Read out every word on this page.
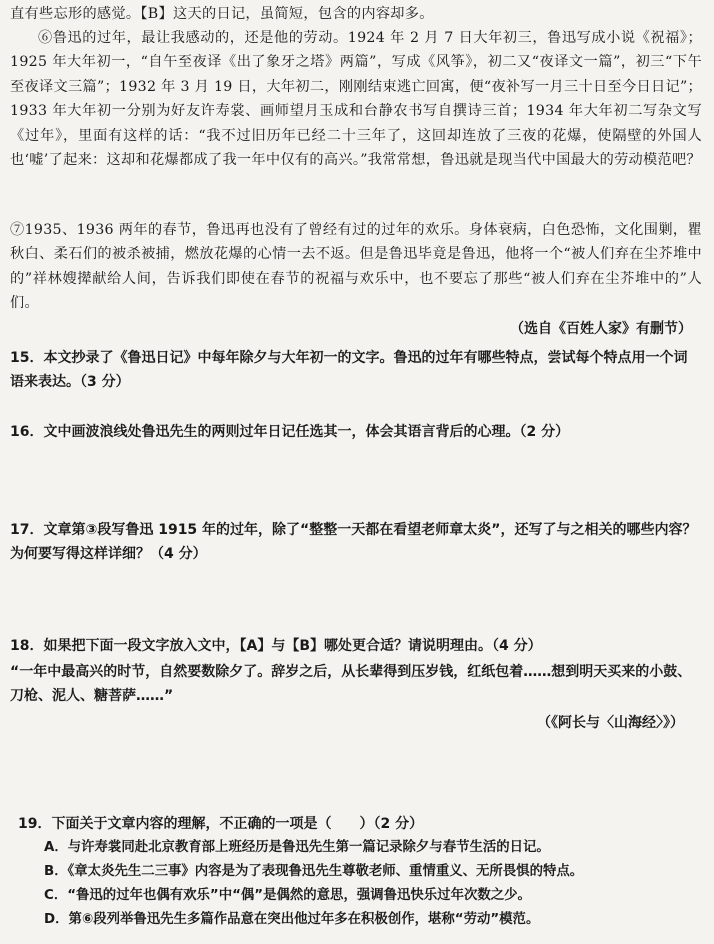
直有些忘形的感觉。【B】这天的日记，虽简短，包含的内容却多。
⑥鲁迅的过年，最让我感动的，还是他的劳动。1924 年 2 月 7 日大年初三，鲁迅写成小说《祝福》；1925 年大年初一，“自午至夜译《出了象牙之塔》两篇”，写成《风筝》，初二又“夜译文一篇”，初三“下午至夜译文三篇”；1932 年 3 月 19 日，大年初二，刚刚结束逃亡回寓，便“夜补写一月三十日至今日日记”；1933 年大年初一分别为好友许寿裳、画师望月玉成和台静农书写自撰诗三首；1934 年大年初二写杂文写《过年》，里面有这样的话：“我不过旧历年已经二十三年了，这回却连放了三夜的花爆，使隔壁的外国人也‘嘘’了起来：这却和花爆都成了我一年中仅有的高兴。”我常常想，鲁迅就是现当代中国最大的劳动模范吧？
⑦1935、1936 两年的春节，鲁迅再也没有了曾经有过的过年的欢乐。身体衰病，白色恐怖，文化围剿，瞿秋白、柔石们的被杀被捕，燃放花爆的心情一去不返。但是鲁迅毕竟是鲁迅，他将一个“被人们弃在尘芥堆中的”祥林嫂撵献给人间，告诉我们即使在春节的祝福与欢乐中，也不要忘了那些“被人们弃在尘芥堆中的”人们。
（选自《百姓人家》有删节）
15．本文抄录了《鲁迅日记》中每年除夕与大年初一的文字。鲁迅的过年有哪些特点，尝试每个特点用一个词语来表达。（3 分）
16．文中画波浪线处鲁迅先生的两则过年日记任选其一，体会其语言背后的心理。（2 分）
17．文章第③段写鲁迅 1915 年的过年，除了“整整一天都在看望老师章太炎”，还写了与之相关的哪些内容？为何要写得这样详细？（4 分）
18．如果把下面一段文字放入文中，【A】与【B】哪处更合适？请说明理由。（4 分）
“一年中最高兴的时节，自然要数除夕了。辞岁之后，从长辈得到压岁钱，红纸包着……想到明天买来的小鼓、刀枪、泥人、糖菩萨……”
（《阿长与〈山海经〉》）
19．下面关于文章内容的理解，不正确的一项是（　　）（2 分）
A．与许寿裳同赴北京教育部上班经历是鲁迅先生第一篇记录除夕与春节生活的日记。
B．《章太炎先生二三事》内容是为了表现鲁迅先生尊敬老师、重情重义、无所畏惧的特点。
C．“鲁迅的过年也偶有欢乐”中“偶”是偶然的意思，强调鲁迅快乐过年次数之少。
D．第⑥段列举鲁迅先生多篇作品意在突出他过年多在积极创作，堪称“劳动”模范。
